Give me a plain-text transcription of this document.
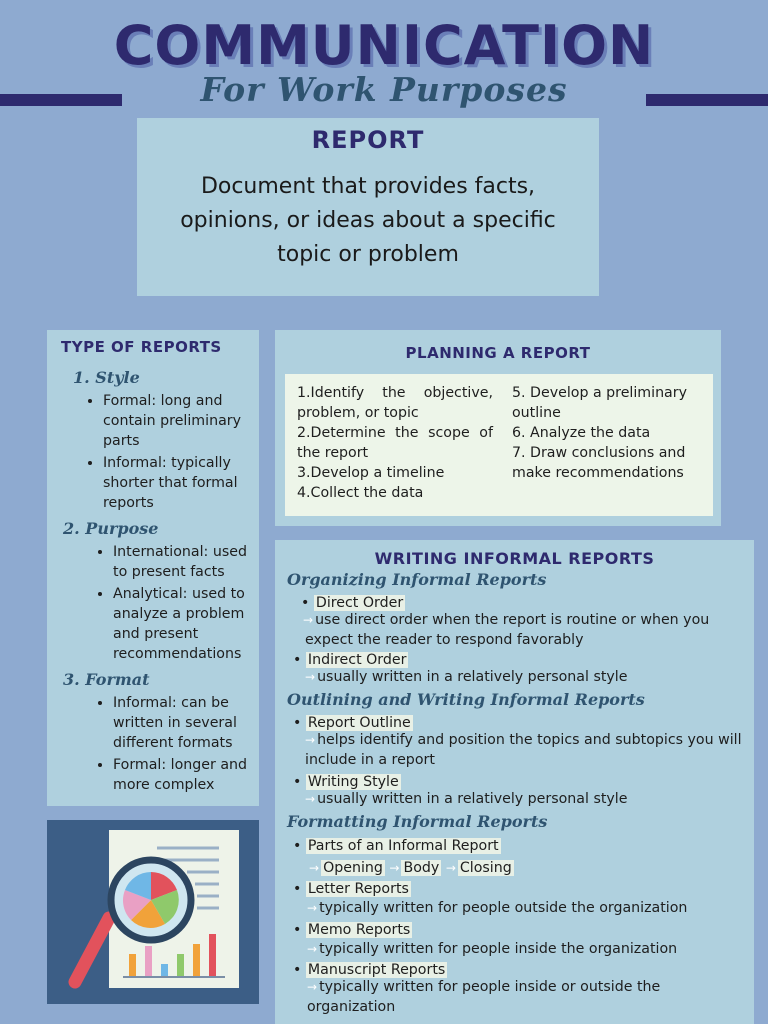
COMMUNICATION
For Work Purposes
REPORT
Document that provides facts, opinions, or ideas about a specific topic or problem
TYPE OF REPORTS
1. Style
• Formal: long and contain preliminary parts
• Informal: typically shorter that formal reports
2. Purpose
• International: used to present facts
• Analytical: used to analyze a problem and present recommendations
3. Format
• Informal: can be written in several different formats
• Formal: longer and more complex
PLANNING A REPORT

1.Identify the objective, problem, or topic

2.Determine the scope of the report

3.Develop a timeline

4.Collect the data

5. Develop a preliminary outline

6. Analyze the data

7. Draw conclusions and make recommendations

WRITING INFORMAL REPORTS
Organizing Informal Reports
• Direct Order
→ use direct order when the report is routine or when you expect the reader to respond favorably
• Indirect Order
→ usually written in a relatively personal style
Outlining and Writing Informal Reports
• Report Outline
→ helps identify and position the topics and subtopics you will include in a report
• Writing Style
→ usually written in a relatively personal style
Formatting Informal Reports
• Parts of an Informal Report
→ Opening → Body → Closing
• Letter Reports
→ typically written for people outside the organization
• Memo Reports
→ typically written for people inside the organization
• Manuscript Reports
→ typically written for people inside or outside the organization
